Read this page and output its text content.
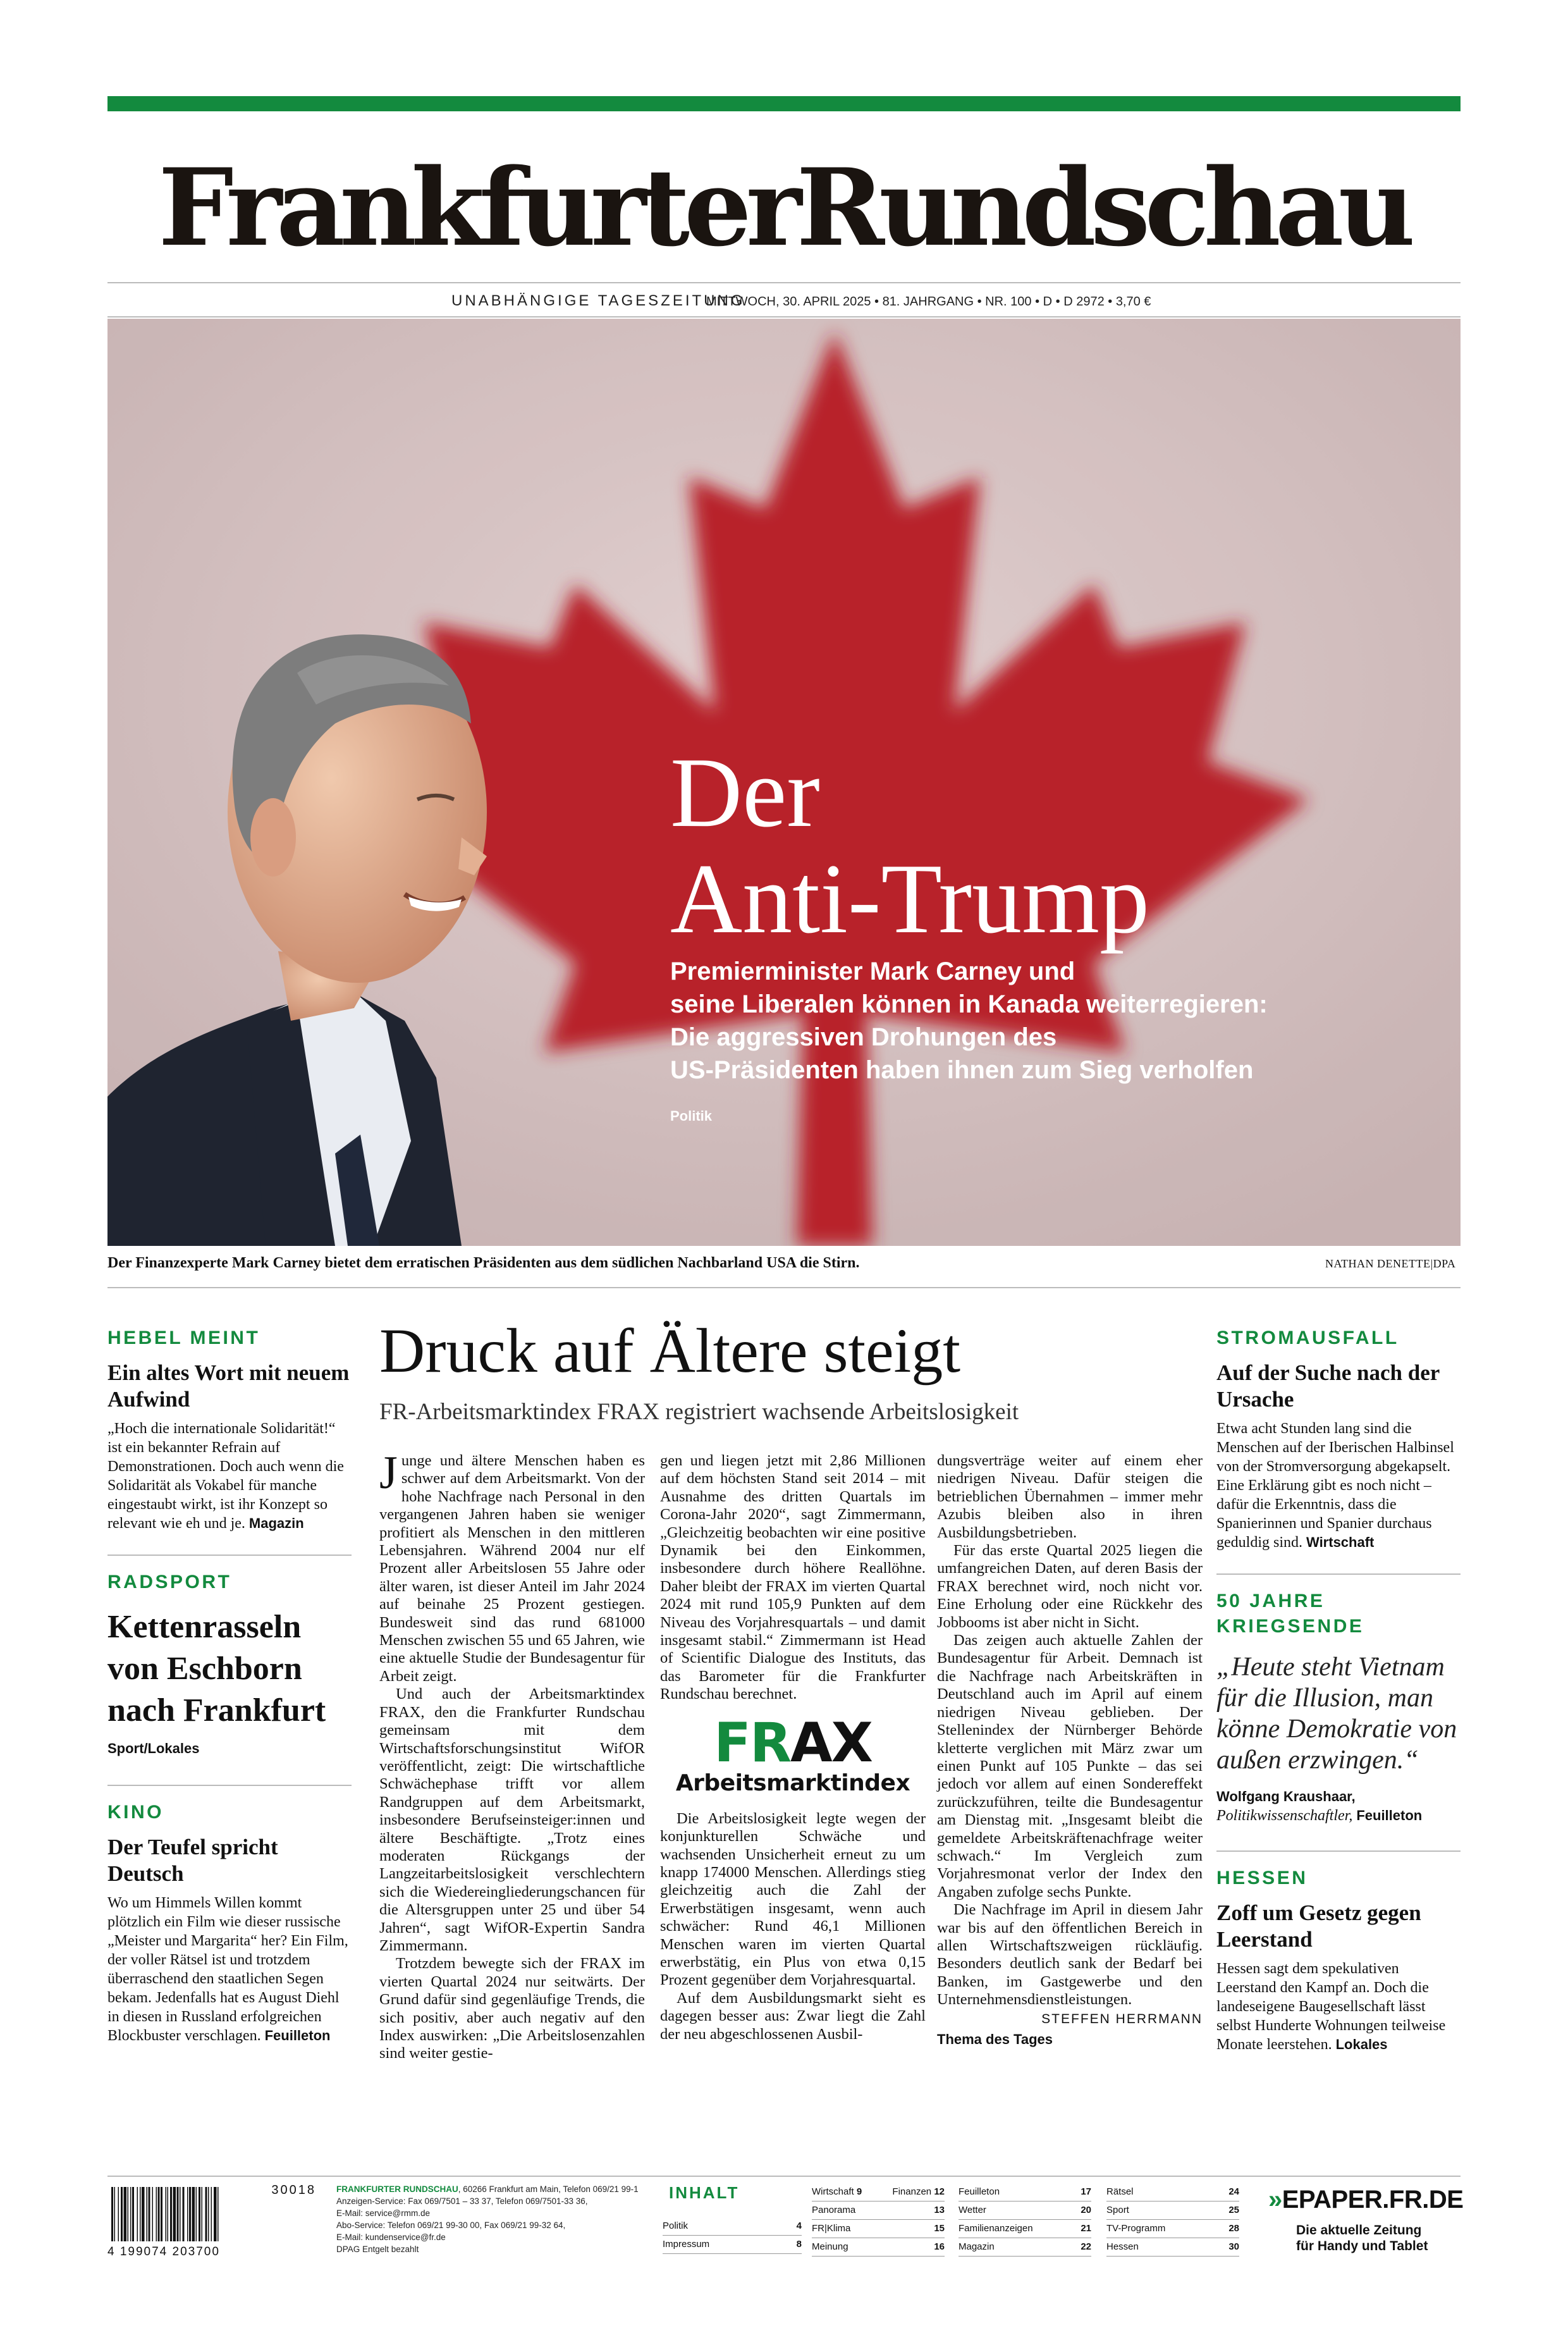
FrankfurterRundschau
UNABHÄNGIGE TAGESZEITUNG
MITTWOCH, 30. APRIL 2025 • 81. JAHRGANG • NR. 100 • D • D 2972 • 3,70 €
Der
Anti-Trump
Premierminister Mark Carney und
seine Liberalen können in Kanada weiterregieren:
Die aggressiven Drohungen des
US-Präsidenten haben ihnen zum Sieg verholfen
Politik
Der Finanzexperte Mark Carney bietet dem erratischen Präsidenten aus dem südlichen Nachbarland USA die Stirn.	NATHAN DENETTE|DPA
HEBEL MEINT
Ein altes Wort mit neuem Aufwind
„Hoch die internationale Solidarität!“ ist ein bekannter Refrain auf Demonstrationen. Doch auch wenn die Solidarität als Vokabel für manche eingestaubt wirkt, ist ihr Konzept so relevant wie eh und je. Magazin
RADSPORT
Kettenrasseln von Eschborn nach Frankfurt
Sport/Lokales
KINO
Der Teufel spricht Deutsch
Wo um Himmels Willen kommt plötzlich ein Film wie dieser russische „Meister und Margarita“ her? Ein Film, der voller Rätsel ist und trotzdem überraschend den staatlichen Segen bekam. Jedenfalls hat es August Diehl in diesen in Russland erfolgreichen Blockbuster verschlagen. Feuilleton
Druck auf Ältere steigt
FR-Arbeitsmarktindex FRAX registriert wachsende Arbeitslosigkeit

Junge und ältere Menschen haben es schwer auf dem Arbeitsmarkt. Von der hohe Nachfrage nach Personal in den vergangenen Jahren haben sie weniger profitiert als Menschen in den mittleren Lebensjahren. Während 2004 nur elf Prozent aller Arbeitslosen 55 Jahre oder älter waren, ist dieser Anteil im Jahr 2024 auf beinahe 25 Prozent gestiegen. Bundesweit sind das rund 681000 Menschen zwischen 55 und 65 Jahren, wie eine aktuelle Studie der Bundesagentur für Arbeit zeigt.

Und auch der Arbeitsmarktindex FRAX, den die Frankfurter Rundschau gemeinsam mit dem Wirtschaftsforschungsinstitut WifOR veröffentlicht, zeigt: Die wirtschaftliche Schwächephase trifft vor allem Randgruppen auf dem Arbeitsmarkt, insbesondere Berufseinsteiger:innen und ältere Beschäftigte. „Trotz eines moderaten Rückgangs der Langzeitarbeitslosigkeit verschlechtern sich die Wiedereingliederungschancen für die Altersgruppen unter 25 und über 54 Jahren“, sagt WifOR-Expertin Sandra Zimmermann.

Trotzdem bewegte sich der FRAX im vierten Quartal 2024 nur seitwärts. Der Grund dafür sind gegenläufige Trends, die sich positiv, aber auch negativ auf den Index auswirken: „Die Arbeitslosenzahlen sind weiter gestie-

gen und liegen jetzt mit 2,86 Millionen auf dem höchsten Stand seit 2014 – mit Ausnahme des dritten Quartals im Corona-Jahr 2020“, sagt Zimmermann, „Gleichzeitig beobachten wir eine positive Dynamik bei den Einkommen, insbesondere durch höhere Reallöhne. Daher bleibt der FRAX im vierten Quartal 2024 mit rund 105,9 Punkten auf dem Niveau des Vorjahresquartals – und damit insgesamt stabil.“ Zimmermann ist Head of Scientific Dialogue des Instituts, das das Barometer für die Frankfurter Rundschau berechnet.

FRAX
Arbeitsmarktindex

Die Arbeitslosigkeit legte wegen der konjunkturellen Schwäche und wachsenden Unsicherheit erneut zu um knapp 174000 Menschen. Allerdings stieg gleichzeitig auch die Zahl der Erwerbstätigen insgesamt, wenn auch schwächer: Rund 46,1 Millionen Menschen waren im vierten Quartal erwerbstätig, ein Plus von etwa 0,15 Prozent gegenüber dem Vorjahresquartal.

Auf dem Ausbildungsmarkt sieht es dagegen besser aus: Zwar liegt die Zahl der neu abgeschlossenen Ausbil-

dungsverträge weiter auf einem eher niedrigen Niveau. Dafür steigen die betrieblichen Übernahmen – immer mehr Azubis bleiben also in ihren Ausbildungsbetrieben.

Für das erste Quartal 2025 liegen die umfangreichen Daten, auf deren Basis der FRAX berechnet wird, noch nicht vor. Eine Erholung oder eine Rückkehr des Jobbooms ist aber nicht in Sicht.

Das zeigen auch aktuelle Zahlen der Bundesagentur für Arbeit. Demnach ist die Nachfrage nach Arbeitskräften in Deutschland auch im April auf einem niedrigen Niveau geblieben. Der Stellenindex der Nürnberger Behörde kletterte verglichen mit März zwar um einen Punkt auf 105 Punkte – das sei jedoch vor allem auf einen Sondereffekt zurückzuführen, teilte die Bundesagentur am Dienstag mit. „Insgesamt bleibt die gemeldete Arbeitskräftenachfrage weiter schwach.“ Im Vergleich zum Vorjahresmonat verlor der Index den Angaben zufolge sechs Punkte.

Die Nachfrage im April in diesem Jahr war bis auf den öffentlichen Bereich in allen Wirtschaftszweigen rückläufig. Besonders deutlich sank der Bedarf bei Banken, im Gastgewerbe und den Unternehmensdienstleistungen.

STEFFEN HERRMANN
Thema des Tages
STROMAUSFALL
Auf der Suche nach der Ursache
Etwa acht Stunden lang sind die Menschen auf der Iberischen Halbinsel von der Stromversorgung abgekapselt. Eine Erklärung gibt es noch nicht – dafür die Erkenntnis, dass die Spanierinnen und Spanier durchaus geduldig sind. Wirtschaft
50 JAHRE KRIEGSENDE
„Heute steht Vietnam für die Illusion, man könne Demokratie von außen erzwingen.“
Wolfgang Kraushaar,
Politikwissenschaftler, Feuilleton
HESSEN
Zoff um Gesetz gegen Leerstand
Hessen sagt dem spekulativen Leerstand den Kampf an. Doch die landeseigene Baugesellschaft lässt selbst Hunderte Wohnungen teilweise Monate leerstehen. Lokales
30018
4 199074 203700
FRANKFURTER RUNDSCHAU, 60266 Frankfurt am Main, Telefon 069/21 99-1
Anzeigen-Service: Fax 069/7501 – 33 37, Telefon 069/7501-33 36,
E-Mail: service@rmm.de
Abo-Service: Telefon 069/21 99-30 00, Fax 069/21 99-32 64,
E-Mail: kundenservice@fr.de
DPAG Entgelt bezahlt
INHALT
Politik	4
Impressum	8
Wirtschaft 9	Finanzen 12
Panorama	13
FR|Klima	15
Meinung	16
Feuilleton	17
Wetter	20
Familienanzeigen	21
Magazin	22
Rätsel	24
Sport	25
TV-Programm	28
Hessen	30
»EPAPER.FR.DE
Die aktuelle Zeitung
für Handy und Tablet
